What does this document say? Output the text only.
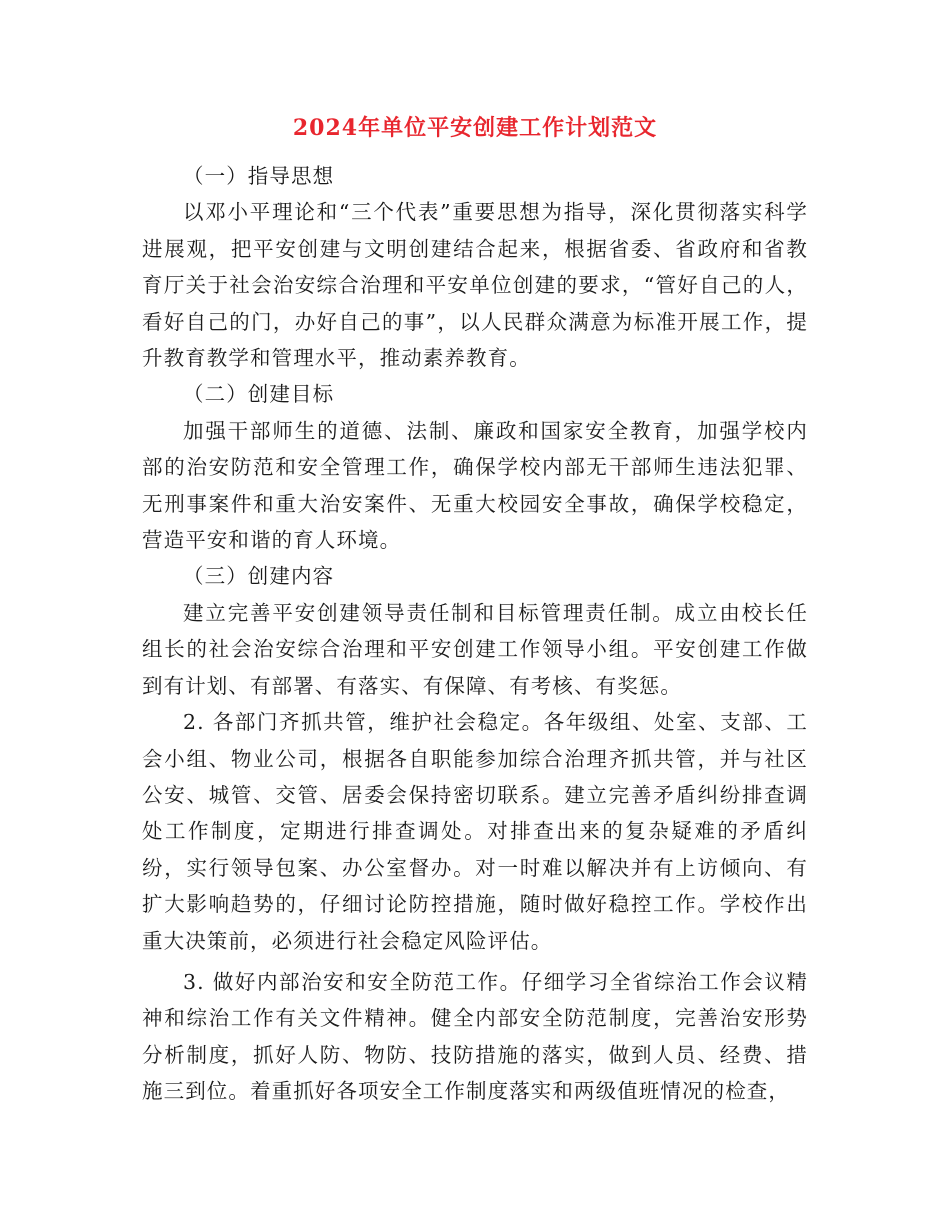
2024年单位平安创建工作计划范文

（一）指导思想

以邓小平理论和“三个代表”重要思想为指导，深化贯彻落实科学进展观，把平安创建与文明创建结合起来，根据省委、省政府和省教育厅关于社会治安综合治理和平安单位创建的要求，“管好自己的人，看好自己的门，办好自己的事”，以人民群众满意为标准开展工作，提升教育教学和管理水平，推动素养教育。

（二）创建目标

加强干部师生的道德、法制、廉政和国家安全教育，加强学校内部的治安防范和安全管理工作，确保学校内部无干部师生违法犯罪、无刑事案件和重大治安案件、无重大校园安全事故，确保学校稳定，营造平安和谐的育人环境。

（三）创建内容

建立完善平安创建领导责任制和目标管理责任制。成立由校长任组长的社会治安综合治理和平安创建工作领导小组。平安创建工作做到有计划、有部署、有落实、有保障、有考核、有奖惩。

2. 各部门齐抓共管，维护社会稳定。各年级组、处室、支部、工会小组、物业公司，根据各自职能参加综合治理齐抓共管，并与社区公安、城管、交管、居委会保持密切联系。建立完善矛盾纠纷排查调处工作制度，定期进行排查调处。对排查出来的复杂疑难的矛盾纠纷，实行领导包案、办公室督办。对一时难以解决并有上访倾向、有扩大影响趋势的，仔细讨论防控措施，随时做好稳控工作。学校作出重大决策前，必须进行社会稳定风险评估。

3. 做好内部治安和安全防范工作。仔细学习全省综治工作会议精神和综治工作有关文件精神。健全内部安全防范制度，完善治安形势分析制度，抓好人防、物防、技防措施的落实，做到人员、经费、措施三到位。着重抓好各项安全工作制度落实和两级值班情况的检查，
